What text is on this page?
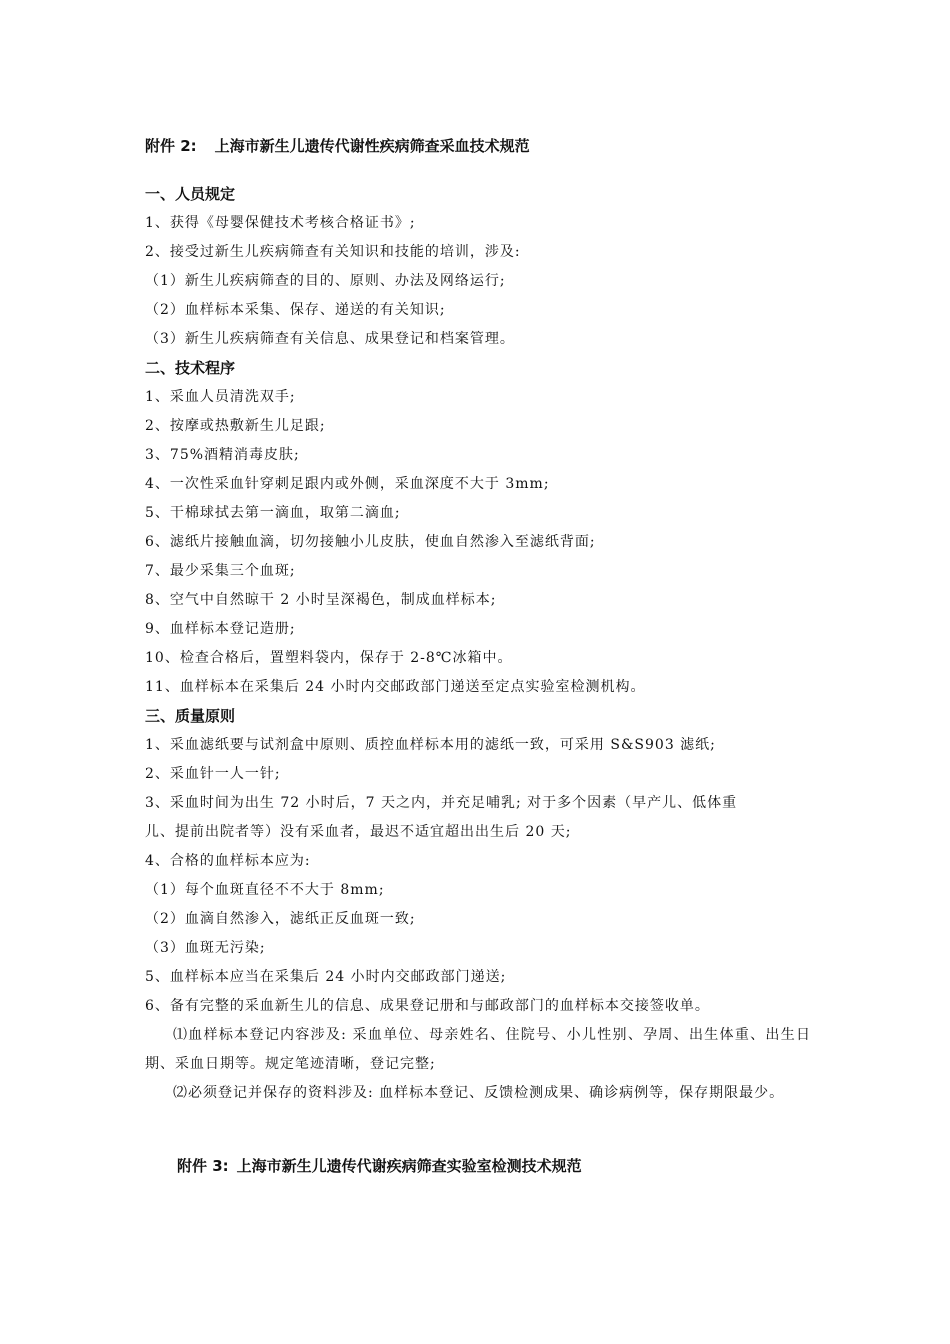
附件 2: 上海市新生儿遗传代谢性疾病筛查采血技术规范
一、人员规定
1、获得《母婴保健技术考核合格证书》;
2、接受过新生儿疾病筛查有关知识和技能的培训，涉及:
（1）新生儿疾病筛查的目的、原则、办法及网络运行;
（2）血样标本采集、保存、递送的有关知识;
（3）新生儿疾病筛查有关信息、成果登记和档案管理。
二、技术程序
1、采血人员清洗双手;
2、按摩或热敷新生儿足跟;
3、75%酒精消毒皮肤;
4、一次性采血针穿刺足跟内或外侧，采血深度不大于 3mm;
5、干棉球拭去第一滴血，取第二滴血;
6、滤纸片接触血滴，切勿接触小儿皮肤，使血自然渗入至滤纸背面;
7、最少采集三个血斑;
8、空气中自然晾干 2 小时呈深褐色，制成血样标本;
9、血样标本登记造册;
10、检查合格后，置塑料袋内，保存于 2-8℃冰箱中。
11、血样标本在采集后 24 小时内交邮政部门递送至定点实验室检测机构。
三、质量原则
1、采血滤纸要与试剂盒中原则、质控血样标本用的滤纸一致，可采用 S&S903 滤纸;
2、采血针一人一针;
3、采血时间为出生 72 小时后，7 天之内，并充足哺乳; 对于多个因素（早产儿、低体重
儿、提前出院者等）没有采血者，最迟不适宜超出出生后 20 天;
4、合格的血样标本应为:
（1）每个血斑直径不不大于 8mm;
（2）血滴自然渗入，滤纸正反血斑一致;
（3）血斑无污染;
5、血样标本应当在采集后 24 小时内交邮政部门递送;
6、备有完整的采血新生儿的信息、成果登记册和与邮政部门的血样标本交接签收单。
⑴血样标本登记内容涉及: 采血单位、母亲姓名、住院号、小儿性别、孕周、出生体重、出生日期、采血日期等。规定笔迹清晰，登记完整;
⑵必须登记并保存的资料涉及: 血样标本登记、反馈检测成果、确诊病例等，保存期限最少。
附件 3: 上海市新生儿遗传代谢疾病筛查实验室检测技术规范
